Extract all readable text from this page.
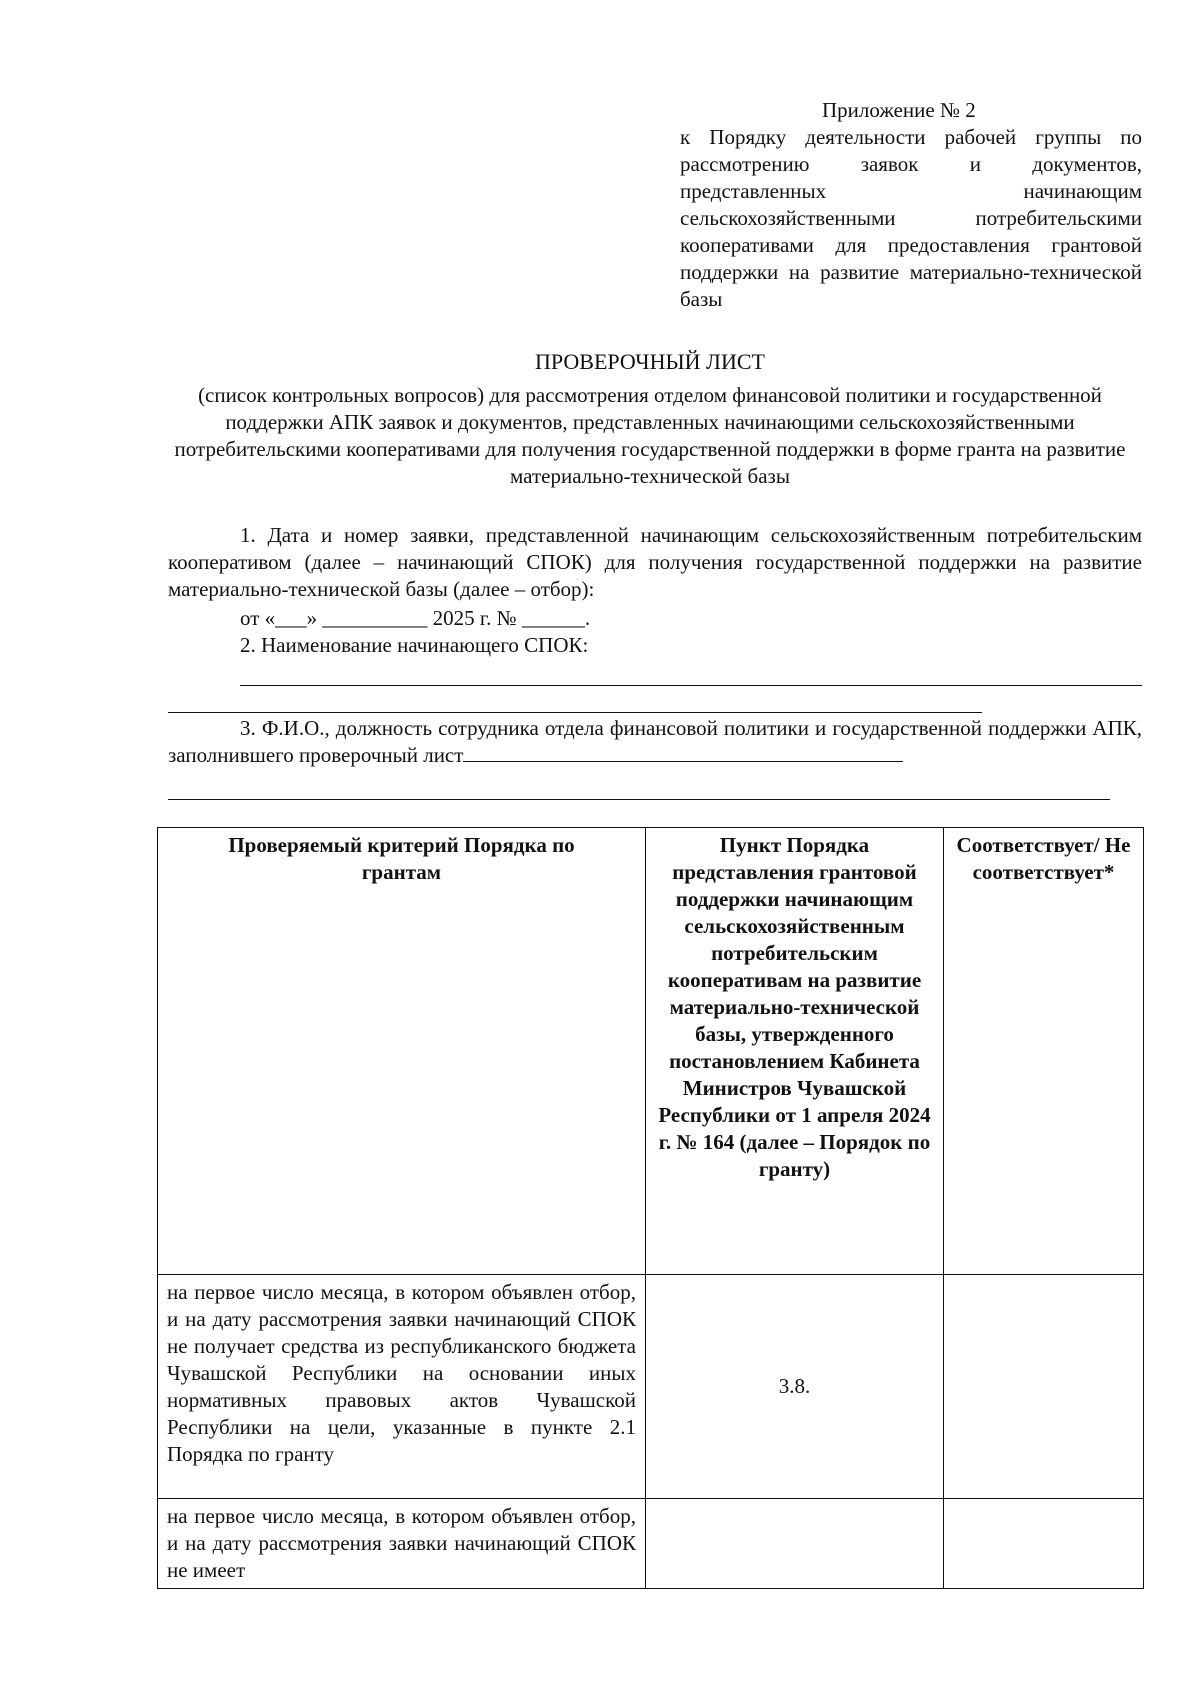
Приложение № 2
к Порядку деятельности рабочей группы по рассмотрению заявок и документов, представленных начинающим сельскохозяйственными потребительскими кооперативами для предоставления грантовой поддержки на развитие материально-технической базы
ПРОВЕРОЧНЫЙ ЛИСТ
(список контрольных вопросов) для рассмотрения отделом финансовой политики и государственной поддержки АПК заявок и документов, представленных начинающими сельскохозяйственными потребительскими кооперативами для получения государственной поддержки в форме гранта на развитие материально-технической базы
1. Дата и номер заявки, представленной начинающим сельскохозяйственным потребительским кооперативом (далее – начинающий СПОК) для получения государственной поддержки на развитие материально-технической базы (далее – отбор):
от «___» __________ 2025 г. № ______.
2. Наименование начинающего СПОК:
3. Ф.И.О., должность сотрудника отдела финансовой политики и государственной поддержки АПК, заполнившего проверочный лист
Проверяемый критерий Порядка по грантам	Пункт Порядка представления грантовой поддержки начинающим сельскохозяйственным потребительским кооперативам на развитие материально-технической базы, утвержденного постановлением Кабинета Министров Чувашской Республики от 1 апреля 2024 г. № 164 (далее – Порядок по гранту)	Соответствует/ Не соответствует*
на первое число месяца, в котором объявлен отбор, и на дату рассмотрения заявки начинающий СПОК не получает средства из республиканского бюджета Чувашской Республики на основании иных нормативных правовых актов Чувашской Республики на цели, указанные в пункте 2.1 Порядка по гранту	3.8.	
на первое число месяца, в котором объявлен отбор, и на дату рассмотрения заявки начинающий СПОК не имеет		
